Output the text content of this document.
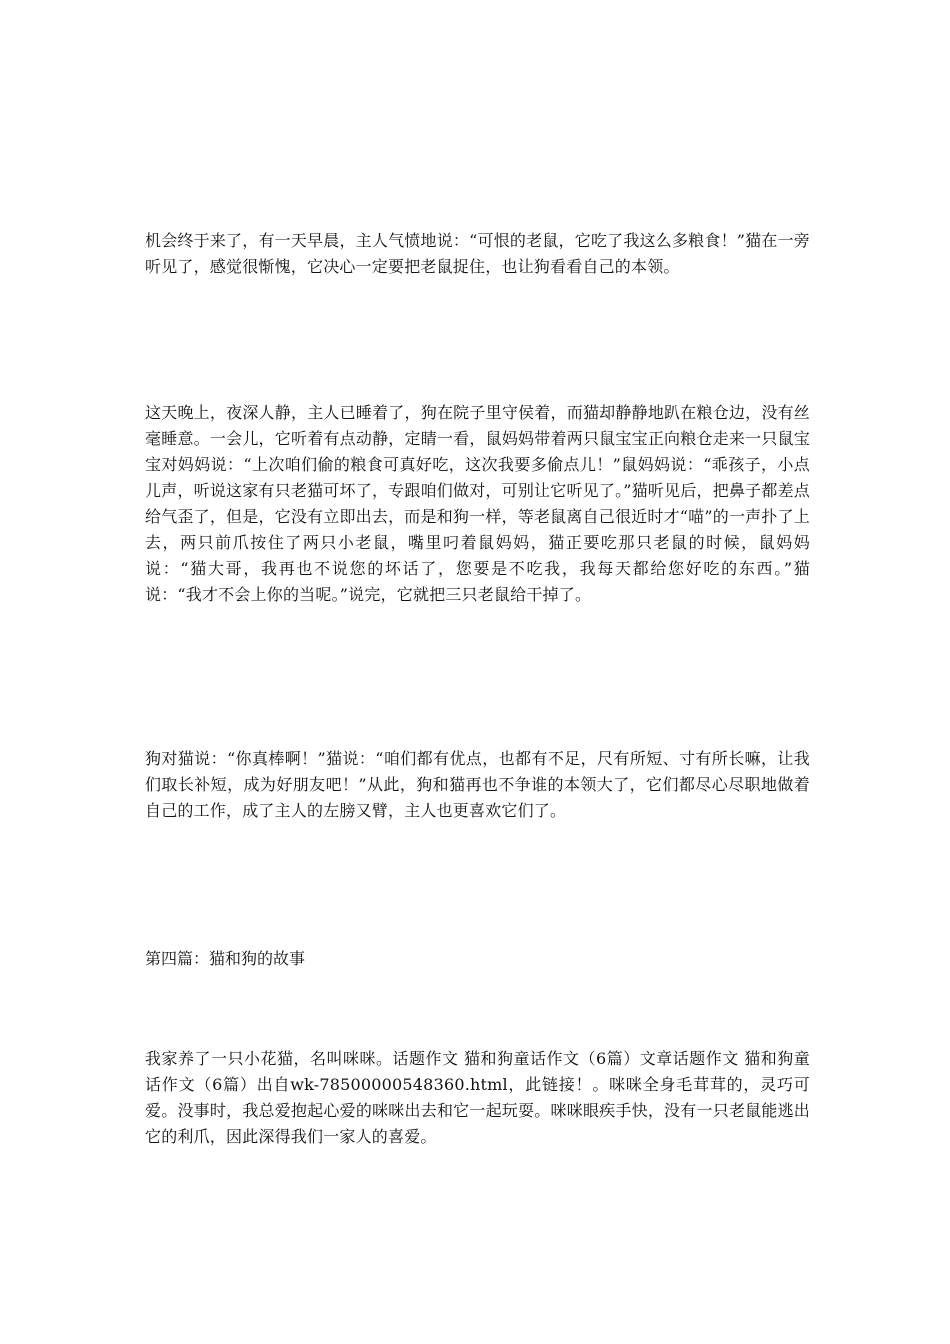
机会终于来了，有一天早晨，主人气愤地说：“可恨的老鼠，它吃了我这么多粮食！”猫在一旁听见了，感觉很惭愧，它决心一定要把老鼠捉住，也让狗看看自己的本领。

这天晚上，夜深人静，主人已睡着了，狗在院子里守侯着，而猫却静静地趴在粮仓边，没有丝毫睡意。一会儿，它听着有点动静，定睛一看，鼠妈妈带着两只鼠宝宝正向粮仓走来一只鼠宝宝对妈妈说：“上次咱们偷的粮食可真好吃，这次我要多偷点儿！”鼠妈妈说：“乖孩子，小点儿声，听说这家有只老猫可坏了，专跟咱们做对，可别让它听见了。”猫听见后，把鼻子都差点给气歪了，但是，它没有立即出去，而是和狗一样，等老鼠离自己很近时才“喵”的一声扑了上去，两只前爪按住了两只小老鼠，嘴里叼着鼠妈妈，猫正要吃那只老鼠的时候，鼠妈妈说：“猫大哥，我再也不说您的坏话了，您要是不吃我，我每天都给您好吃的东西。”猫说：“我才不会上你的当呢。”说完，它就把三只老鼠给干掉了。

狗对猫说：“你真棒啊！”猫说：“咱们都有优点，也都有不足，尺有所短、寸有所长嘛，让我们取长补短，成为好朋友吧！”从此，狗和猫再也不争谁的本领大了，它们都尽心尽职地做着自己的工作，成了主人的左膀又臂，主人也更喜欢它们了。

第四篇：猫和狗的故事

我家养了一只小花猫，名叫咪咪。话题作文 猫和狗童话作文（6篇）文章话题作文 猫和狗童话作文（6篇）出自wk-78500000548360.html，此链接！。咪咪全身毛茸茸的，灵巧可爱。没事时，我总爱抱起心爱的咪咪出去和它一起玩耍。咪咪眼疾手快，没有一只老鼠能逃出它的利爪，因此深得我们一家人的喜爱。
